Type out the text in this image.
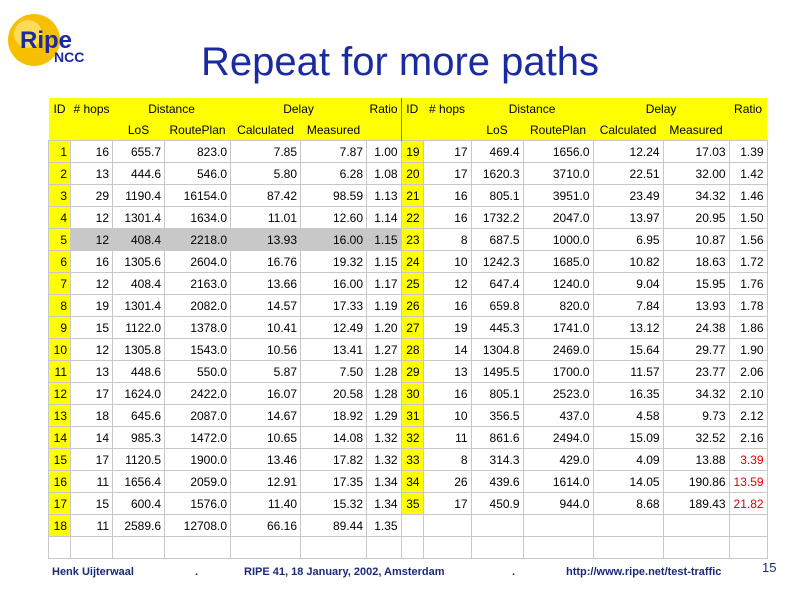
Ripe
NCC	Repeat for more paths
ID	# hops	Distance		Delay		Ratio	ID	# hops	Distance		Delay		Ratio
		LoS	RoutePlan	Calculated	Measured				LoS	RoutePlan	Calculated	Measured	
1	16	655.7	823.0	7.85	7.87	1.00	19	17	469.4	1656.0	12.24	17.03	1.39
2	13	444.6	546.0	5.80	6.28	1.08	20	17	1620.3	3710.0	22.51	32.00	1.42
3	29	1190.4	16154.0	87.42	98.59	1.13	21	16	805.1	3951.0	23.49	34.32	1.46
4	12	1301.4	1634.0	11.01	12.60	1.14	22	16	1732.2	2047.0	13.97	20.95	1.50
5	12	408.4	2218.0	13.93	16.00	1.15	23	8	687.5	1000.0	6.95	10.87	1.56
6	16	1305.6	2604.0	16.76	19.32	1.15	24	10	1242.3	1685.0	10.82	18.63	1.72
7	12	408.4	2163.0	13.66	16.00	1.17	25	12	647.4	1240.0	9.04	15.95	1.76
8	19	1301.4	2082.0	14.57	17.33	1.19	26	16	659.8	820.0	7.84	13.93	1.78
9	15	1122.0	1378.0	10.41	12.49	1.20	27	19	445.3	1741.0	13.12	24.38	1.86
10	12	1305.8	1543.0	10.56	13.41	1.27	28	14	1304.8	2469.0	15.64	29.77	1.90
11	13	448.6	550.0	5.87	7.50	1.28	29	13	1495.5	1700.0	11.57	23.77	2.06
12	17	1624.0	2422.0	16.07	20.58	1.28	30	16	805.1	2523.0	16.35	34.32	2.10
13	18	645.6	2087.0	14.67	18.92	1.29	31	10	356.5	437.0	4.58	9.73	2.12
14	14	985.3	1472.0	10.65	14.08	1.32	32	11	861.6	2494.0	15.09	32.52	2.16
15	17	1120.5	1900.0	13.46	17.82	1.32	33	8	314.3	429.0	4.09	13.88	3.39
16	11	1656.4	2059.0	12.91	17.35	1.34	34	26	439.6	1614.0	14.05	190.86	13.59
17	15	600.4	1576.0	11.40	15.32	1.34	35	17	450.9	944.0	8.68	189.43	21.82
18	11	2589.6	12708.0	66.16	89.44	1.35							

Henk Uijterwaal	.	RIPE 41, 18 January, 2002, Amsterdam	.	http://www.ripe.net/test-traffic	15
